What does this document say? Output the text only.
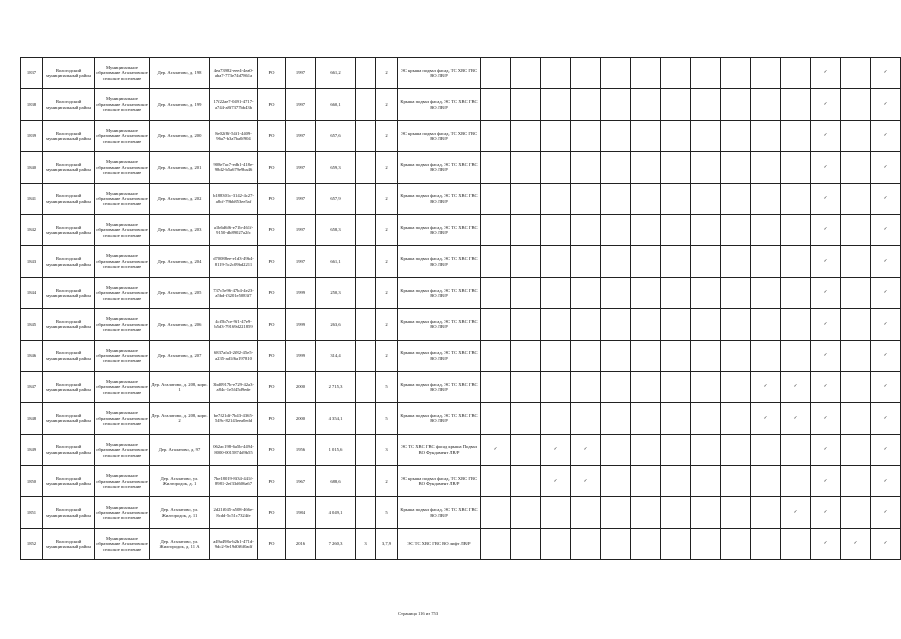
1837	Вологодский муниципальный район	Муниципальное образование Агалатовское сельское поселение	Дер. Агалатово, д. 198	4ea73982-eee4-4ea0-aba7-773e74d7861a	РО	1997	661,2		2	ЭС крыша подвал фасад, ТС ХВС ГВС ВО ЛВ/Р												✓		✓
1838	Вологодский муниципальный район	Муниципальное образование Агалатовское сельское поселение	Дер. Агалатово, д. 199	17f22ae7-0491-4717-a744-a8f7377bb43b	РО	1997	660,1		2	Крыша подвал фасад, ЭС ТС ХВС ГВС ВО ЛВ/Р												✓		✓
1839	Вологодский муниципальный район	Муниципальное образование Агалатовское сельское поселение	Дер. Агалатово, д. 200	8e02f8f-54f1-4409-96a7-b3a7ba0f904	РО	1997	657,6		2	ЭС крыша подвал фасад, ТС ХВС ГВС ВО ЛВ/Р												✓		✓
1840	Вологодский муниципальный район	Муниципальное образование Агалатовское сельское поселение	Дер. Агалатово, д. 201	908e7ac7-edb1-418e-98d2-b5a679e9ba46	РО	1997	659,3		2	Крыша подвал фасад, ЭС ТС ХВС ГВС ВО ЛВ/Р												✓		✓
1841	Вологодский муниципальный район	Муниципальное образование Агалатовское сельское поселение	Дер. Агалатово, д. 202	b188301c-3142-4c27-a8cf-79bb853ee5af	РО	1997	657,9		2	Крыша подвал фасад, ЭС ТС ХВС ГВС ВО ЛВ/Р												✓		✓
1842	Вологодский муниципальный район	Муниципальное образование Агалатовское сельское поселение	Дер. Агалатово, д. 203	a1b6d6f6-e71b-461f-9150-db89027a2fc	РО	1997	658,3		2	Крыша подвал фасад, ЭС ТС ХВС ГВС ВО ЛВ/Р												✓		✓
1843	Вологодский муниципальный район	Муниципальное образование Агалатовское сельское поселение	Дер. Агалатово, д. 204	d70088ee-e1d3-49b4-8119-5c2c09bd2211	РО	1997	661,1		2	Крыша подвал фасад, ЭС ТС ХВС ГВС ВО ЛВ/Р												✓		✓
1844	Вологодский муниципальный район	Муниципальное образование Агалатовское сельское поселение	Дер. Агалатово, д. 205	737c5e96-47b4-4e23-a5bd-f3201e5083f7	РО	1999	250,3		2	Крыша подвал фасад, ЭС ТС ХВС ГВС ВО ЛВ/Р												✓		✓
1845	Вологодский муниципальный район	Муниципальное образование Агалатовское сельское поселение	Дер. Агалатово, д. 206	4cf5b7ce-9f1-47e9-b5d3-79169d221859	РО	1999	263,6		2	Крыша подвал фасад, ЭС ТС ХВС ГВС ВО ЛВ/Р												✓		✓
1846	Вологодский муниципальный район	Муниципальное образование Агалатовское сельское поселение	Дер. Агалатово, д. 207	6837afa3-2f82-45e5-a235-ad1f6a197810	РО	1999	314,4		2	Крыша подвал фасад, ЭС ТС ХВС ГВС ВО ЛВ/Р												✓		✓
1847	Вологодский муниципальный район	Муниципальное образование Агалатовское сельское поселение	Дер. Агалатово, д. 208, корп. 1	3bd0917b-e729-42a3-a84c-1e5f45d9ede	РО	2000	2 715,3		5	Крыша подвал фасад, ЭС ТС ХВС ГВС ВО ЛВ/Р										✓	✓	✓		✓
1848	Вологодский муниципальный район	Муниципальное образование Агалатовское сельское поселение	Дер. Агалатово, д. 208, корп. 2	be7f21df-7b43-4365-549c-82143eea0edd	РО	2000	4 354,1		5	Крыша подвал фасад, ЭС ТС ХВС ГВС ВО ЛВ/Р										✓	✓	✓		✓
1849	Вологодский муниципальный район	Муниципальное образование Агалатовское сельское поселение	Дер. Агалатово, д. 97	062ac198-6a5b-4494-8000-0015874d9b55	РО	1956	1 015,6		3	ЭС ТС ХВС ГВС фасад крыша Подвал ВО Фундамент ЛВ/Р	✓		✓	✓								✓		✓
1850	Вологодский муниципальный район	Муниципальное образование Агалатовское сельское поселение	Дер. Агалатово, ул. Жилгородок, д. 1	7be18019-8f34-441f-8981-2ef33d606a67	РО	1967	688,6		2	ЭС крыша подвал фасад, ТС ХВС ГВС ВО Фундамент ЛВ/Р			✓	✓								✓		✓
1851	Вологодский муниципальный район	Муниципальное образование Агалатовское сельское поселение	Дер. Агалатово, ул. Жилгородок, д. 11	2d21f045-a508-466e-8cdd-5c51c7324fe	РО	1984	4 049,1		5	Крыша подвал фасад, ЭС ТС ХВС ГВС ВО ЛВ/Р											✓	✓		✓
1852	Вологодский муниципальный район	Муниципальное образование Агалатовское сельское поселение	Дер. Агалатово, ул. Жилгородок, д. 11 А	a49a498a-b2b1-471d-9dc2-9e19d0f6f0adf	РО	2016	7 260,3	3	3,7,9	ЭС ТС ХВС ГВС ВО лифт ЛВ/Р												✓	✓	✓
Страница 116 из 753
